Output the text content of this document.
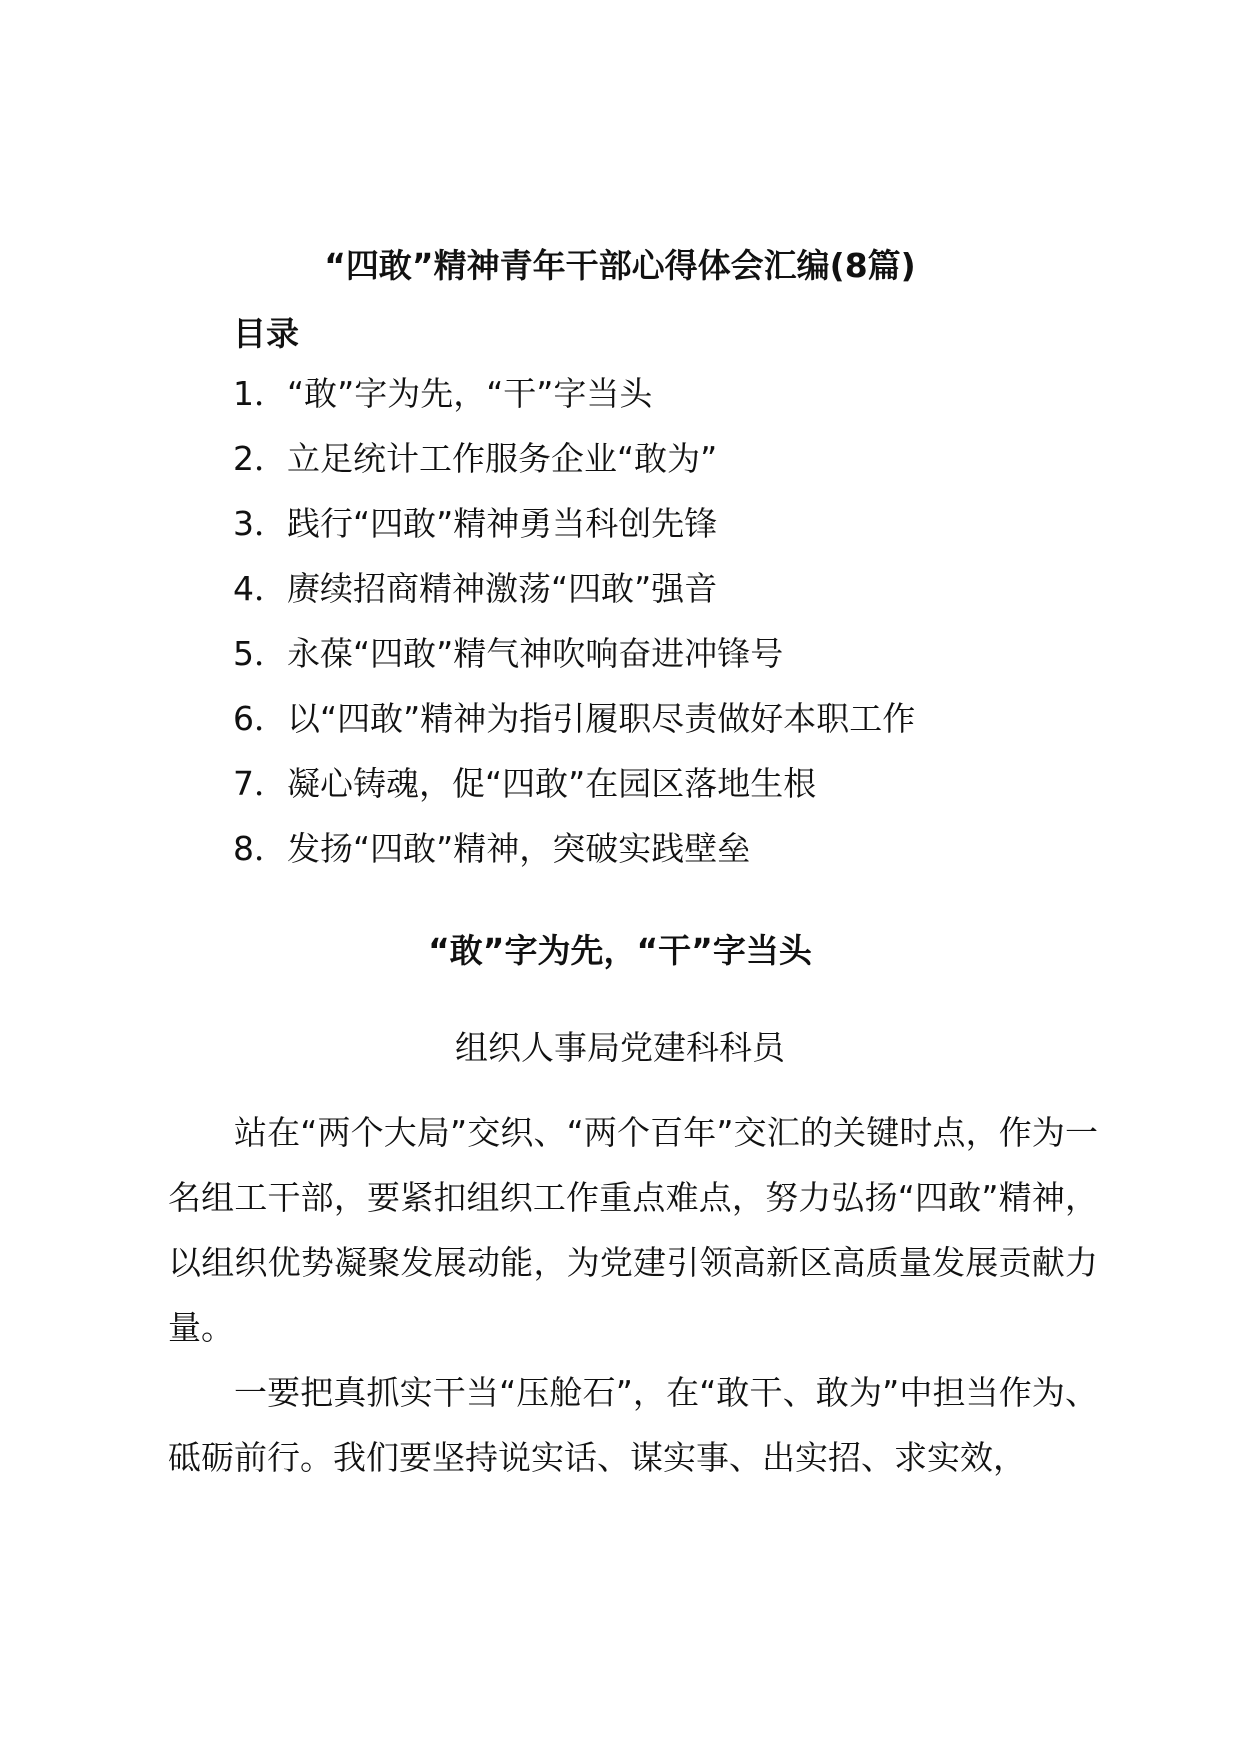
“四敢”精神青年干部心得体会汇编(8篇)
目录
1．“敢”字为先，“干”字当头
2．立足统计工作服务企业“敢为”
3．践行“四敢”精神勇当科创先锋
4．赓续招商精神激荡“四敢”强音
5．永葆“四敢”精气神吹响奋进冲锋号
6．以“四敢”精神为指引履职尽责做好本职工作
7．凝心铸魂，促“四敢”在园区落地生根
8．发扬“四敢”精神，突破实践壁垒
“敢”字为先，“干”字当头
组织人事局党建科科员

站在“两个大局”交织、“两个百年”交汇的关键时点，作为一名组工干部，要紧扣组织工作重点难点，努力弘扬“四敢”精神，以组织优势凝聚发展动能，为党建引领高新区高质量发展贡献力量。

一要把真抓实干当“压舱石”，在“敢干、敢为”中担当作为、砥砺前行。我们要坚持说实话、谋实事、出实招、求实效，
